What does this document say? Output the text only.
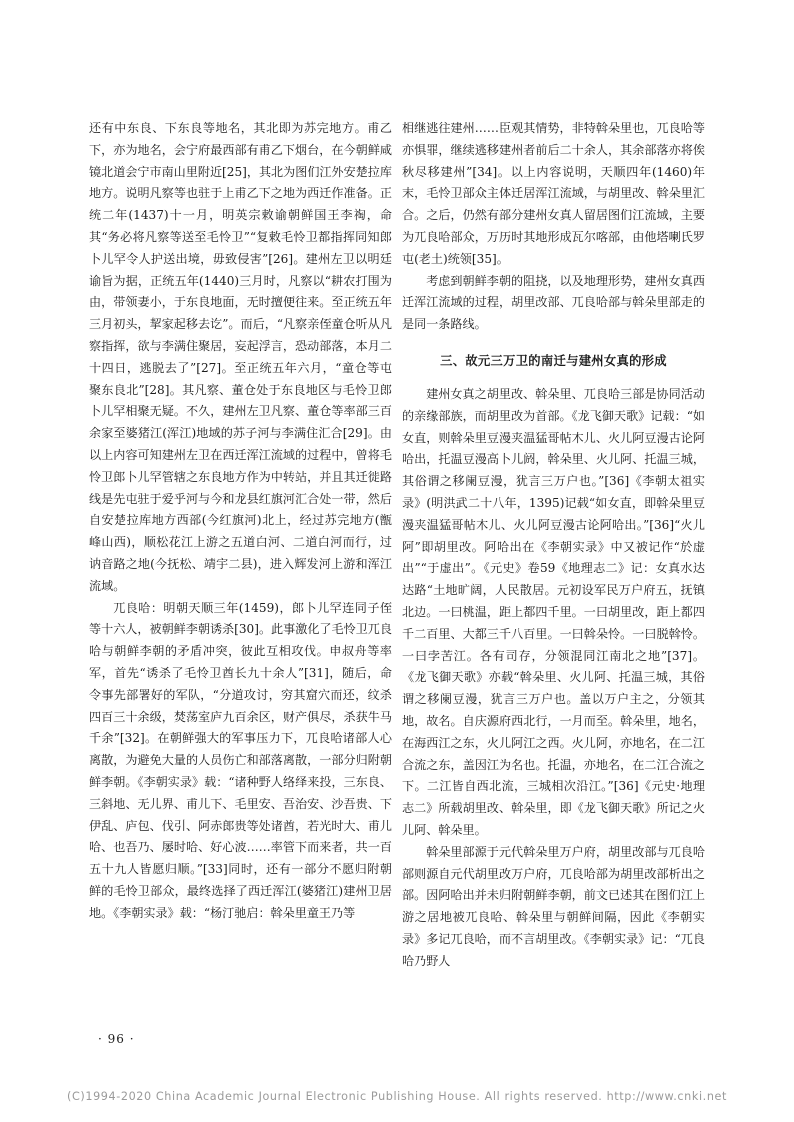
还有中东良、下东良等地名，其北即为苏完地方。甫乙下，亦为地名，会宁府最西部有甫乙下烟台，在今朝鲜咸镜北道会宁市南山里附近[25]，其北为图们江外安楚拉库地方。说明凡察等也驻于上甫乙下之地为西迁作准备。正统二年(1437)十一月，明英宗敕谕朝鲜国王李祹，命其“务必将凡察等送至毛怜卫”“复敕毛怜卫都指挥同知郎卜儿罕令人护送出境，毋致侵害”[26]。建州左卫以明廷谕旨为据，正统五年(1440)三月时，凡察以“耕农打围为由，带领妻小，于东良地面，无时擅便往来。至正统五年三月初头，挈家起移去讫”。而后，“凡察亲侄童仓听从凡察指挥，欲与李满住聚居，妄起浮言，恐动部落，本月二十四日，逃脱去了”[27]。至正统五年六月，“童仓等屯聚东良北”[28]。其凡察、董仓处于东良地区与毛怜卫郎卜儿罕相聚无疑。不久，建州左卫凡察、董仓等率部三百余家至婆猪江(浑江)地域的苏子河与李满住汇合[29]。由以上内容可知建州左卫在西迁浑江流域的过程中，曾将毛怜卫郎卜儿罕管辖之东良地方作为中转站，并且其迁徙路线是先屯驻于爱乎河与今和龙县红旗河汇合处一带，然后自安楚拉库地方西部(今红旗河)北上，经过苏完地方(甑峰山西)，顺松花江上游之五道白河、二道白河而行，过讷音路之地(今抚松、靖宇二县)，进入辉发河上游和浑江流域。

兀良哈：明朝天顺三年(1459)，郎卜儿罕连同子侄等十六人，被朝鲜李朝诱杀[30]。此事激化了毛怜卫兀良哈与朝鲜李朝的矛盾冲突，彼此互相攻伐。申叔舟等率军，首先“诱杀了毛怜卫酋长九十余人”[31]，随后，命令事先部署好的军队，“分道攻讨，穷其窟穴而还，纹杀四百三十余级，焚荡室庐九百余区，财产俱尽，杀获牛马千余”[32]。在朝鲜强大的军事压力下，兀良哈诸部人心离散，为避免大量的人员伤亡和部落离散，一部分归附朝鲜李朝。《李朝实录》载：“诸种野人络绎来投，三东良、三斜地、无儿界、甫儿下、毛里安、吾治安、沙吾贵、下伊乱、庐包、伐引、阿赤郎贵等处诸酋，若光时大、甫儿哈、也吾乃、屡时哈、好心波……率管下而来者，共一百五十九人皆愿归顺。”[33]同时，还有一部分不愿归附朝鲜的毛怜卫部众，最终选择了西迁浑江(婆猪江)建州卫居地。《李朝实录》载：“杨汀驰启：斡朵里童王乃等

相继逃往建州……臣观其情势，非特斡朵里也，兀良哈等亦惧罪，继续逃移建州者前后二十余人，其余部落亦将俟秋尽移建州”[34]。以上内容说明，天顺四年(1460)年末，毛怜卫部众主体迁居浑江流域，与胡里改、斡朵里汇合。之后，仍然有部分建州女真人留居图们江流域，主要为兀良哈部众，万历时其地形成瓦尔喀部，由他塔喇氏罗屯(老土)统领[35]。

考虑到朝鲜李朝的阻挠，以及地理形势，建州女真西迁浑江流域的过程，胡里改部、兀良哈部与斡朵里部走的是同一条路线。

三、故元三万卫的南迁与建州女真的形成

建州女真之胡里改、斡朵里、兀良哈三部是协同活动的亲缘部族，而胡里改为首部。《龙飞御天歌》记载：“如女直，则斡朵里豆漫夹温猛哥帖木儿、火儿阿豆漫古论阿哈出，托温豆漫高卜儿阏，斡朵里、火儿阿、托温三城，其俗谓之移阑豆漫，犹言三万户也。”[36]《李朝太祖实录》(明洪武二十八年，1395)记载“如女直，即斡朵里豆漫夹温猛哥帖木儿、火儿阿豆漫古论阿哈出。”[36]“火儿阿”即胡里改。阿哈出在《李朝实录》中又被记作“於虚出”“于虚出”。《元史》卷59《地理志二》记：女真水达达路“土地旷阔，人民散居。元初设军民万户府五，抚镇北边。一曰桃温，距上都四千里。一曰胡里改，距上都四千二百里、大都三千八百里。一曰斡朵怜。一曰脱斡怜。一曰孛苦江。各有司存，分领混同江南北之地”[37]。《龙飞御天歌》亦载“斡朵里、火儿阿、托温三城，其俗谓之移阑豆漫，犹言三万户也。盖以万户主之，分领其地，故名。自庆源府西北行，一月而至。斡朵里，地名，在海西江之东，火儿阿江之西。火儿阿，亦地名，在二江合流之东，盖因江为名也。托温，亦地名，在二江合流之下。二江皆自西北流，三城相次沿江。”[36]《元史·地理志二》所载胡里改、斡朵里，即《龙飞御天歌》所记之火儿阿、斡朵里。

斡朵里部源于元代斡朵里万户府，胡里改部与兀良哈部则源自元代胡里改万户府，兀良哈部为胡里改部析出之部。因阿哈出并未归附朝鲜李朝，前文已述其在图们江上游之居地被兀良哈、斡朵里与朝鲜间隔，因此《李朝实录》多记兀良哈，而不言胡里改。《李朝实录》记：“兀良哈乃野人

· 96 ·
(C)1994-2020 China Academic Journal Electronic Publishing House. All rights reserved. http://www.cnki.net
